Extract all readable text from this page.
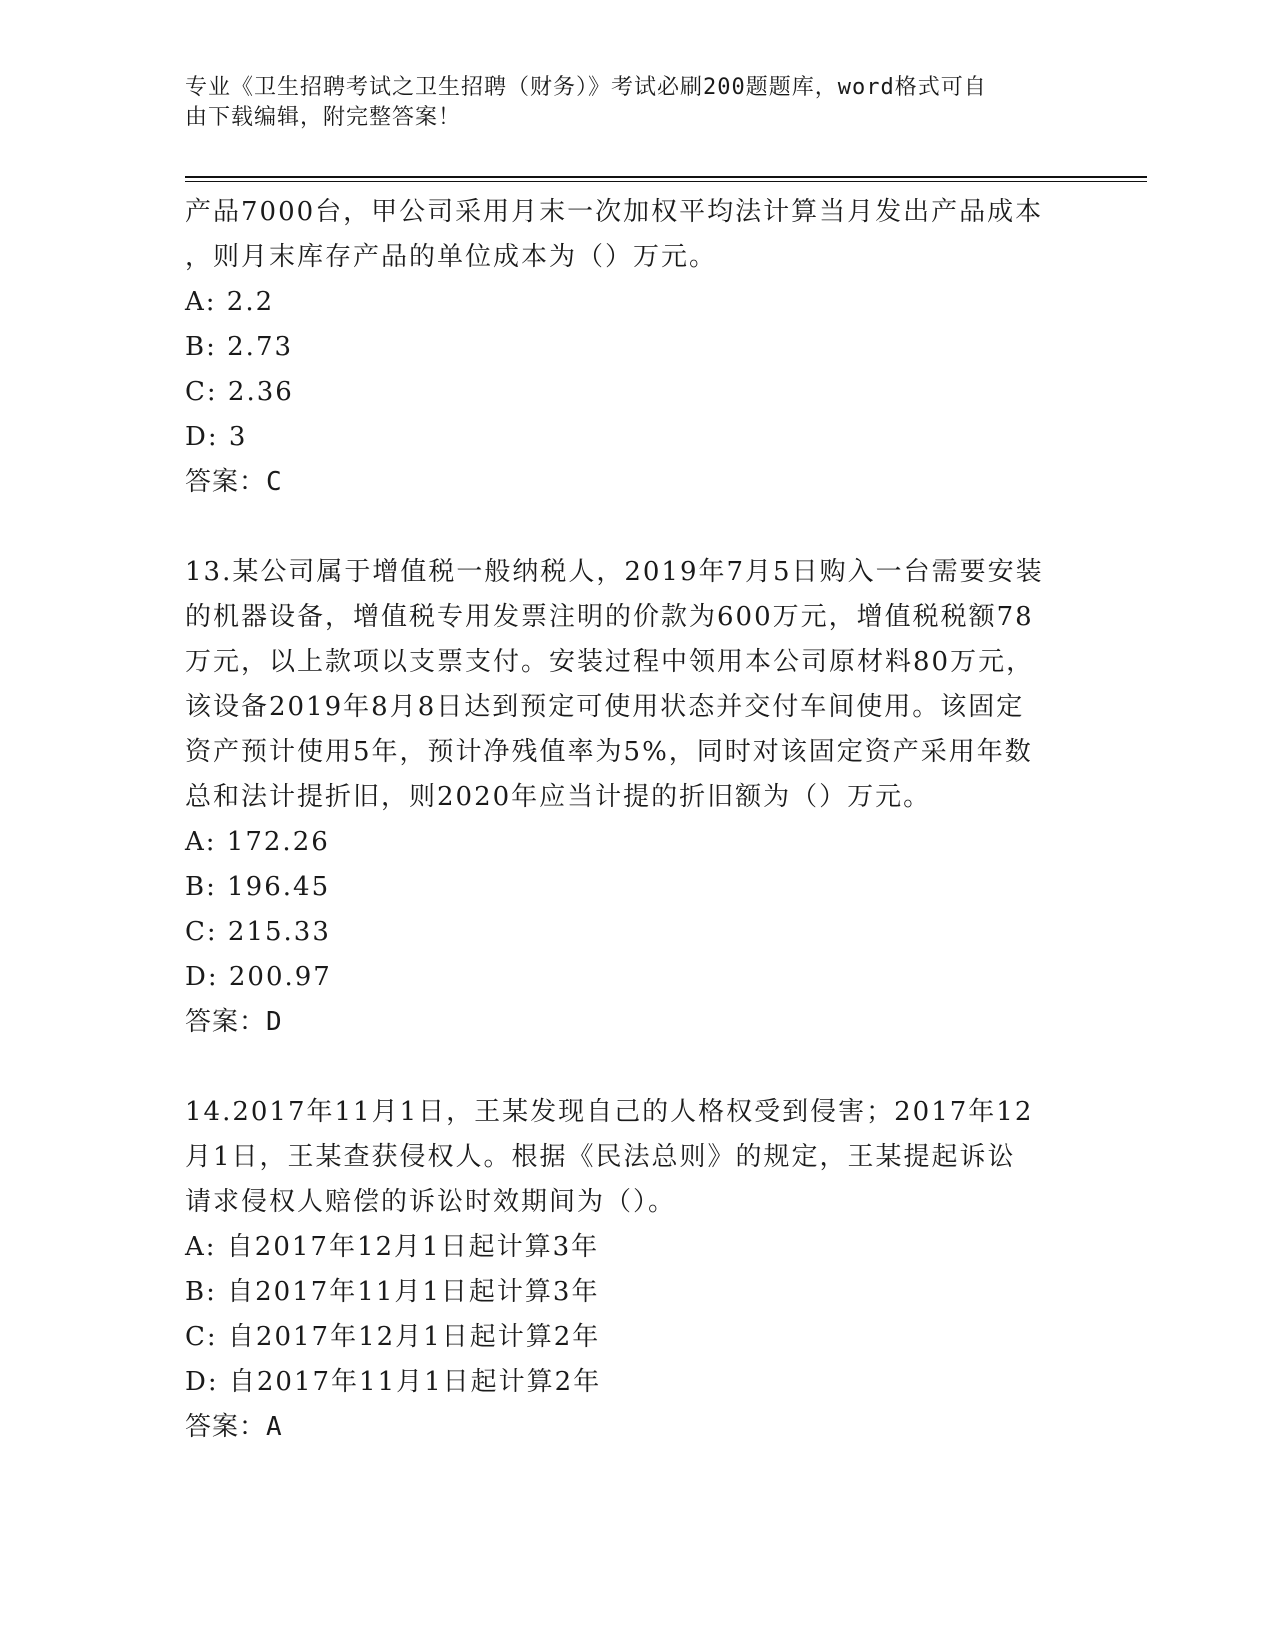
专业《卫生招聘考试之卫生招聘（财务）》考试必刷200题题库，word格式可自
由下载编辑，附完整答案！

产品7000台，甲公司采用月末一次加权平均法计算当月发出产品成本

，则月末库存产品的单位成本为（）万元。

A: 2.2

B: 2.73

C: 2.36

D: 3

答案：C

13.某公司属于增值税一般纳税人，2019年7月5日购入一台需要安装

的机器设备，增值税专用发票注明的价款为600万元，增值税税额78

万元，以上款项以支票支付。安装过程中领用本公司原材料80万元，

该设备2019年8月8日达到预定可使用状态并交付车间使用。该固定

资产预计使用5年，预计净残值率为5%，同时对该固定资产采用年数

总和法计提折旧，则2020年应当计提的折旧额为（）万元。

A: 172.26

B: 196.45

C: 215.33

D: 200.97

答案：D

14.2017年11月1日，王某发现自己的人格权受到侵害；2017年12

月1日，王某查获侵权人。根据《民法总则》的规定，王某提起诉讼

请求侵权人赔偿的诉讼时效期间为（）。

A: 自2017年12月1日起计算3年

B: 自2017年11月1日起计算3年

C: 自2017年12月1日起计算2年

D: 自2017年11月1日起计算2年

答案：A
